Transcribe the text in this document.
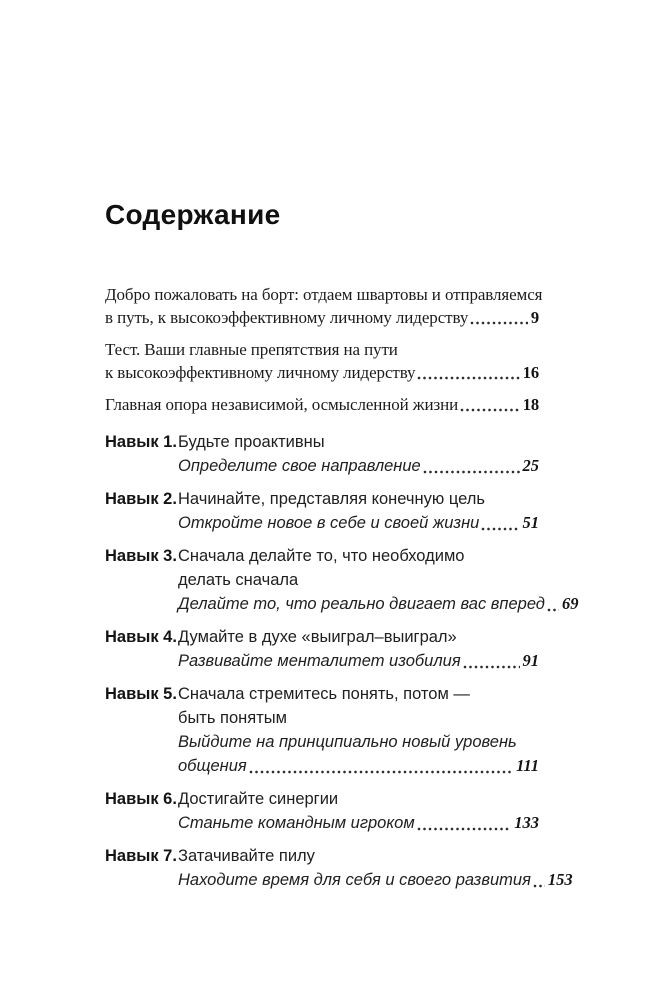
Содержание
Добро пожаловать на борт: отдаем швартовы и отправляемся
в путь, к высокоэффективному личному лидерству	9
Тест. Ваши главные препятствия на пути
к высокоэффективному личному лидерству	16
Главная опора независимой, осмысленной жизни	18
Навык 1. Будьте проактивны
Определите свое направление	25
Навык 2. Начинайте, представляя конечную цель
Откройте новое в себе и своей жизни	51
Навык 3. Сначала делайте то, что необходимо
делать сначала
Делайте то, что реально двигает вас вперед 69
Навык 4. Думайте в духе «выиграл–выиграл»
Развивайте менталитет изобилия	91
Навык 5. Сначала стремитесь понять, потом —
быть понятым
Выйдите на принципиально новый уровень
общения	111
Навык 6. Достигайте синергии
Станьте командным игроком	133
Навык 7. Затачивайте пилу
Находите время для себя и своего развития 153
